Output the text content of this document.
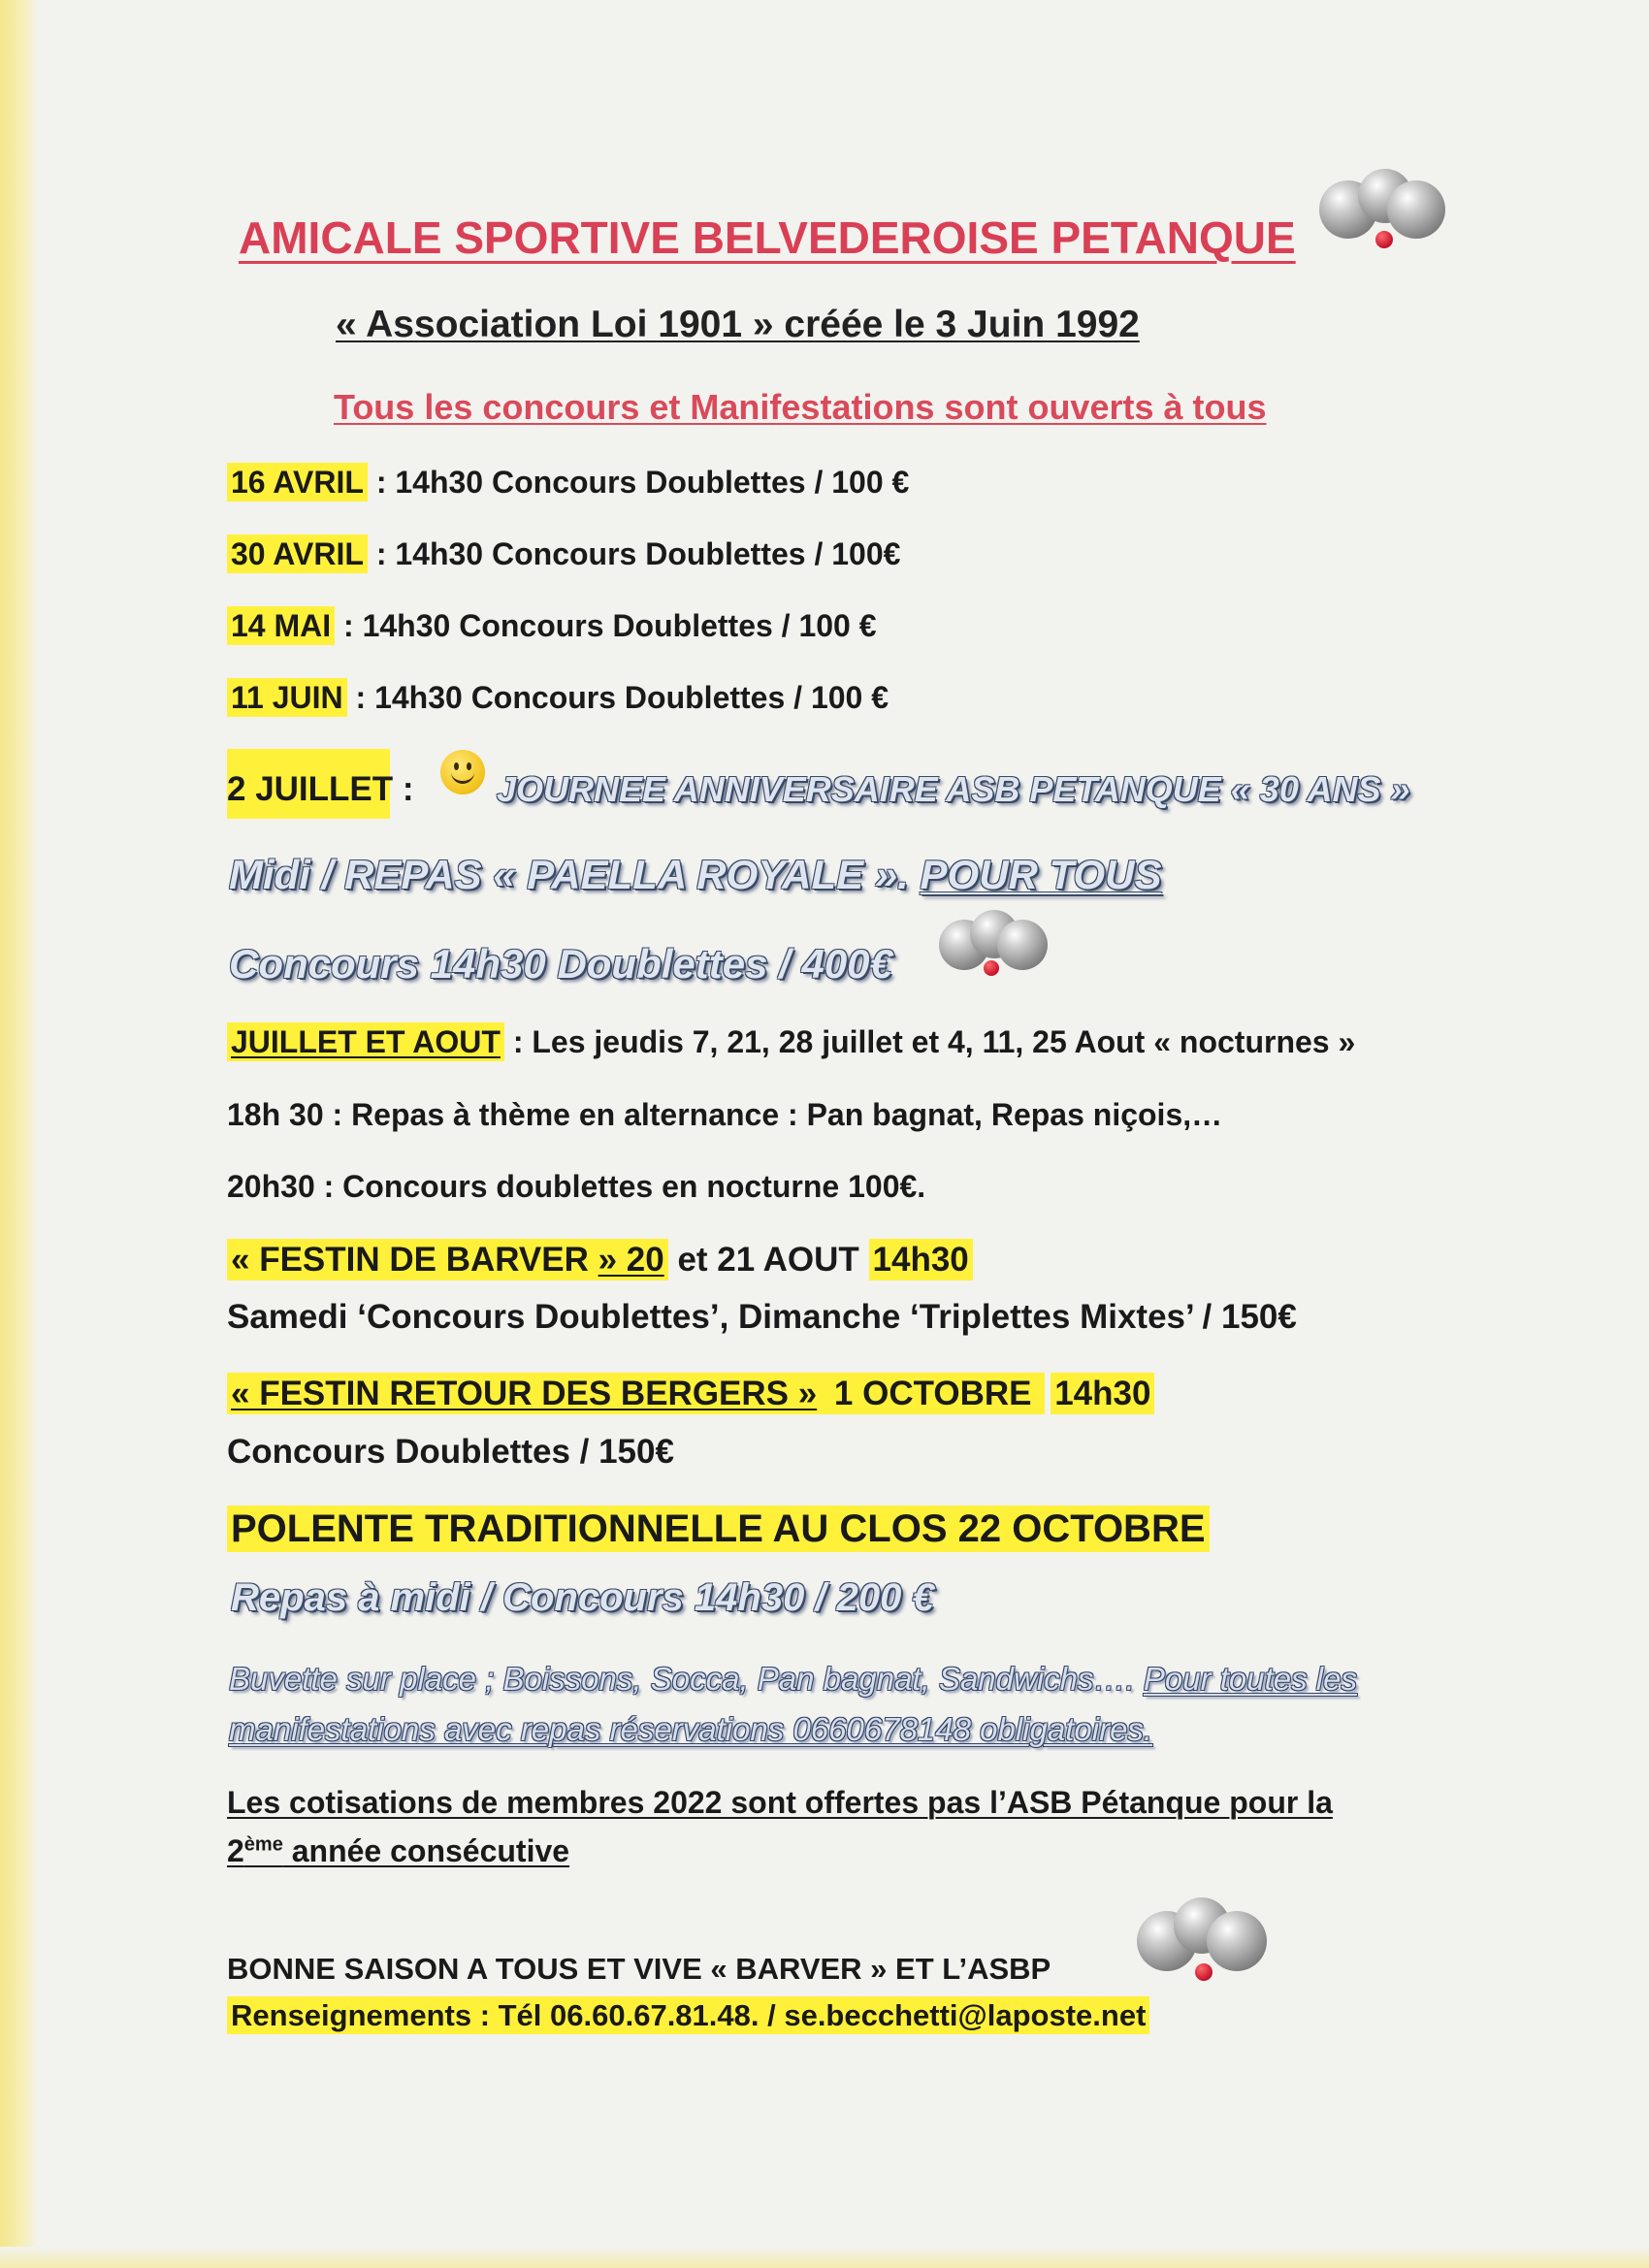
AMICALE SPORTIVE BELVEDEROISE PETANQUE
« Association Loi 1901 » créée le 3 Juin 1992
Tous les concours et Manifestations sont ouverts à tous
16 AVRIL : 14h30 Concours Doublettes / 100 €
30 AVRIL : 14h30 Concours Doublettes / 100€
14 MAI : 14h30 Concours Doublettes / 100 €
11 JUIN : 14h30 Concours Doublettes / 100 €
2 JUILLET : JOURNEE ANNIVERSAIRE ASB PETANQUE « 30 ANS »
Midi / REPAS « PAELLA ROYALE ». POUR TOUS
Concours 14h30 Doublettes / 400€
JUILLET ET AOUT : Les jeudis 7, 21, 28 juillet et 4, 11, 25 Aout « nocturnes »
18h 30 : Repas à thème en alternance : Pan bagnat, Repas niçois,…
20h30 : Concours doublettes en nocturne 100€.
« FESTIN DE BARVER » 20 et 21 AOUT 14h30
Samedi ‘Concours Doublettes’, Dimanche ‘Triplettes Mixtes’ / 150€
« FESTIN RETOUR DES BERGERS » 1 OCTOBRE 14h30
Concours Doublettes / 150€
POLENTE TRADITIONNELLE AU CLOS 22 OCTOBRE
Repas à midi / Concours 14h30 / 200 €
Buvette sur place ; Boissons, Socca, Pan bagnat, Sandwichs…. Pour toutes les
manifestations avec repas réservations 0660678148 obligatoires.
Les cotisations de membres 2022 sont offertes pas l’ASB Pétanque pour la
2ème année consécutive
BONNE SAISON A TOUS ET VIVE « BARVER » ET L’ASBP
Renseignements : Tél 06.60.67.81.48. / se.becchetti@laposte.net
